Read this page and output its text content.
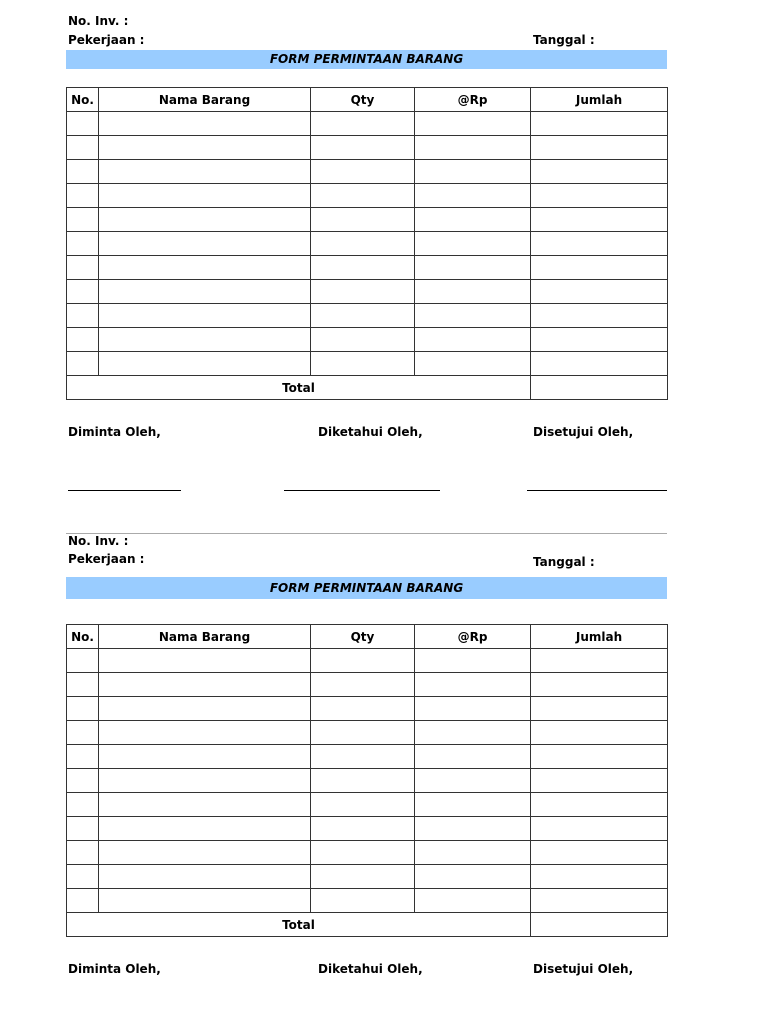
No. Inv. :
Pekerjaan :	Tanggal :
FORM PERMINTAAN BARANG
No.	Nama Barang	Qty	@Rp	Jumlah

Total				
Diminta Oleh,	Diketahui Oleh,	Disetujui Oleh,
No. Inv. :
Pekerjaan :	Tanggal :
FORM PERMINTAAN BARANG
No.	Nama Barang	Qty	@Rp	Jumlah

Total				
Diminta Oleh,	Diketahui Oleh,	Disetujui Oleh,
